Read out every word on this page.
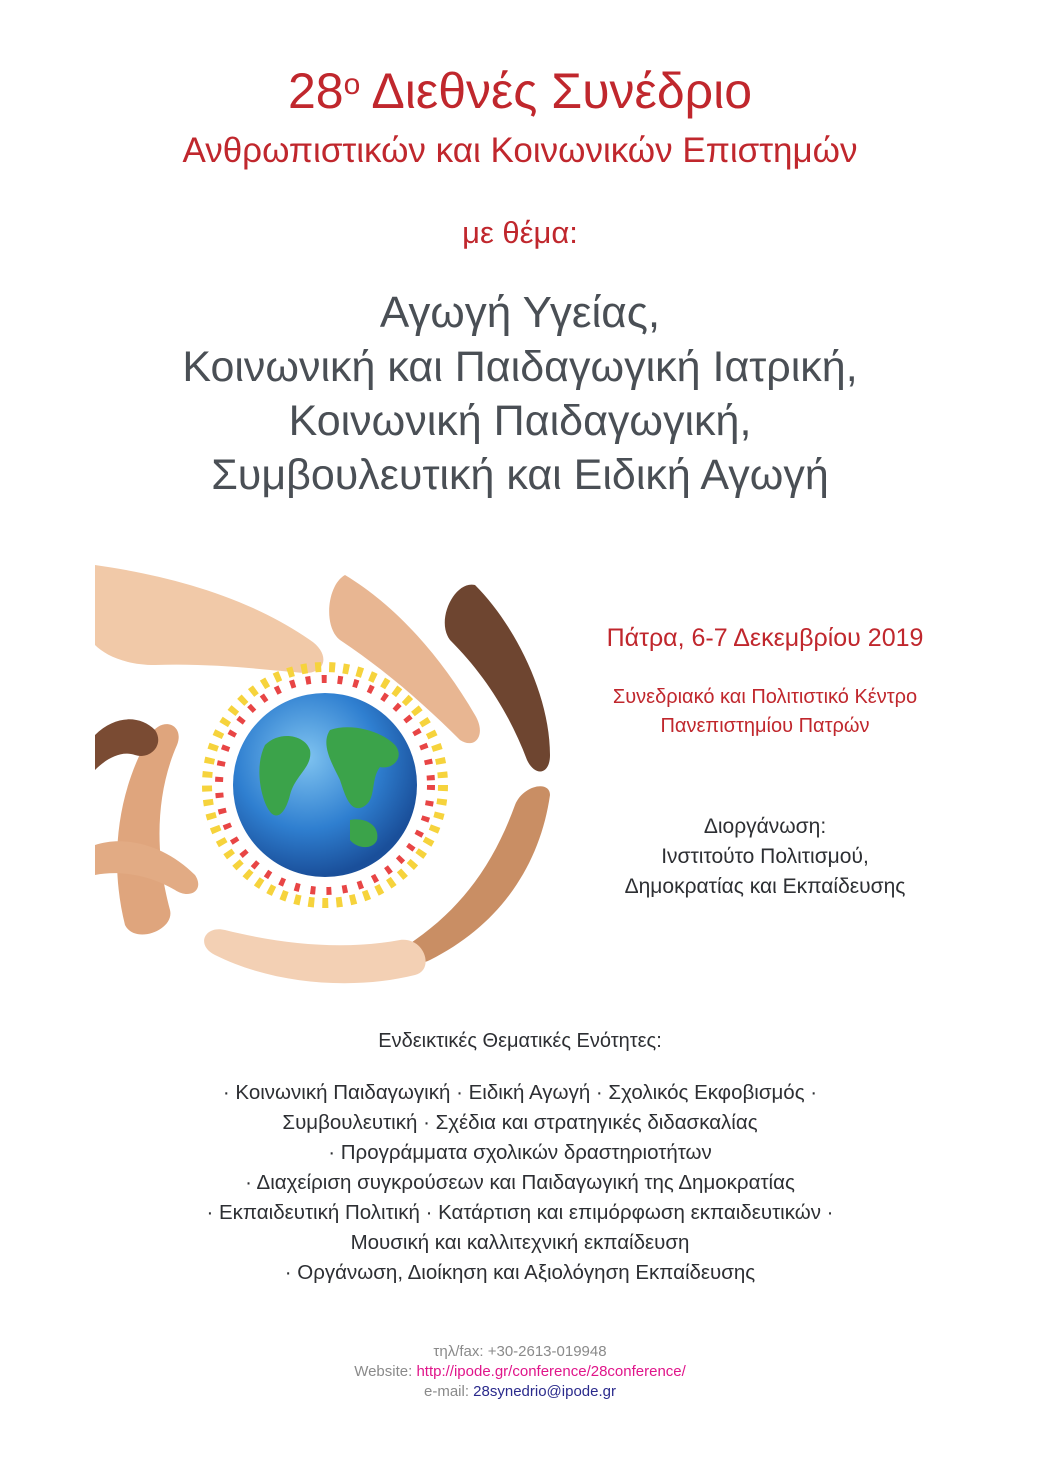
$28^o$ Διεθνές Συνέδριο
Ανθρωπιστικών και Κοινωνικών Επιστημών
με θέμα:
Αγωγή Υγείας,
Κοινωνική και Παιδαγωγική Ιατρική,
Κοινωνική Παιδαγωγική,
Συμβουλευτική και Ειδική Αγωγή
Πάτρα, 6-7 Δεκεμβρίου 2019
Συνεδριακό και Πολιτιστικό Κέντρο
Πανεπιστημίου Πατρών
Διοργάνωση:
Ινστιτούτο Πολιτισμού,
Δημοκρατίας και Εκπαίδευσης
Ενδεικτικές Θεματικές Ενότητες:
· Κοινωνική Παιδαγωγική · Ειδική Αγωγή · Σχολικός Εκφοβισμός ·
Συμβουλευτική · Σχέδια και στρατηγικές διδασκαλίας
· Προγράμματα σχολικών δραστηριοτήτων
· Διαχείριση συγκρούσεων και Παιδαγωγική της Δημοκρατίας
· Εκπαιδευτική Πολιτική · Κατάρτιση και επιμόρφωση εκπαιδευτικών ·
Μουσική και καλλιτεχνική εκπαίδευση
· Οργάνωση, Διοίκηση και Αξιολόγηση Εκπαίδευσης
τηλ/fax: +30-2613-019948
Website: http://ipode.gr/conference/28conference/
e-mail: 28synedrio@ipode.gr
